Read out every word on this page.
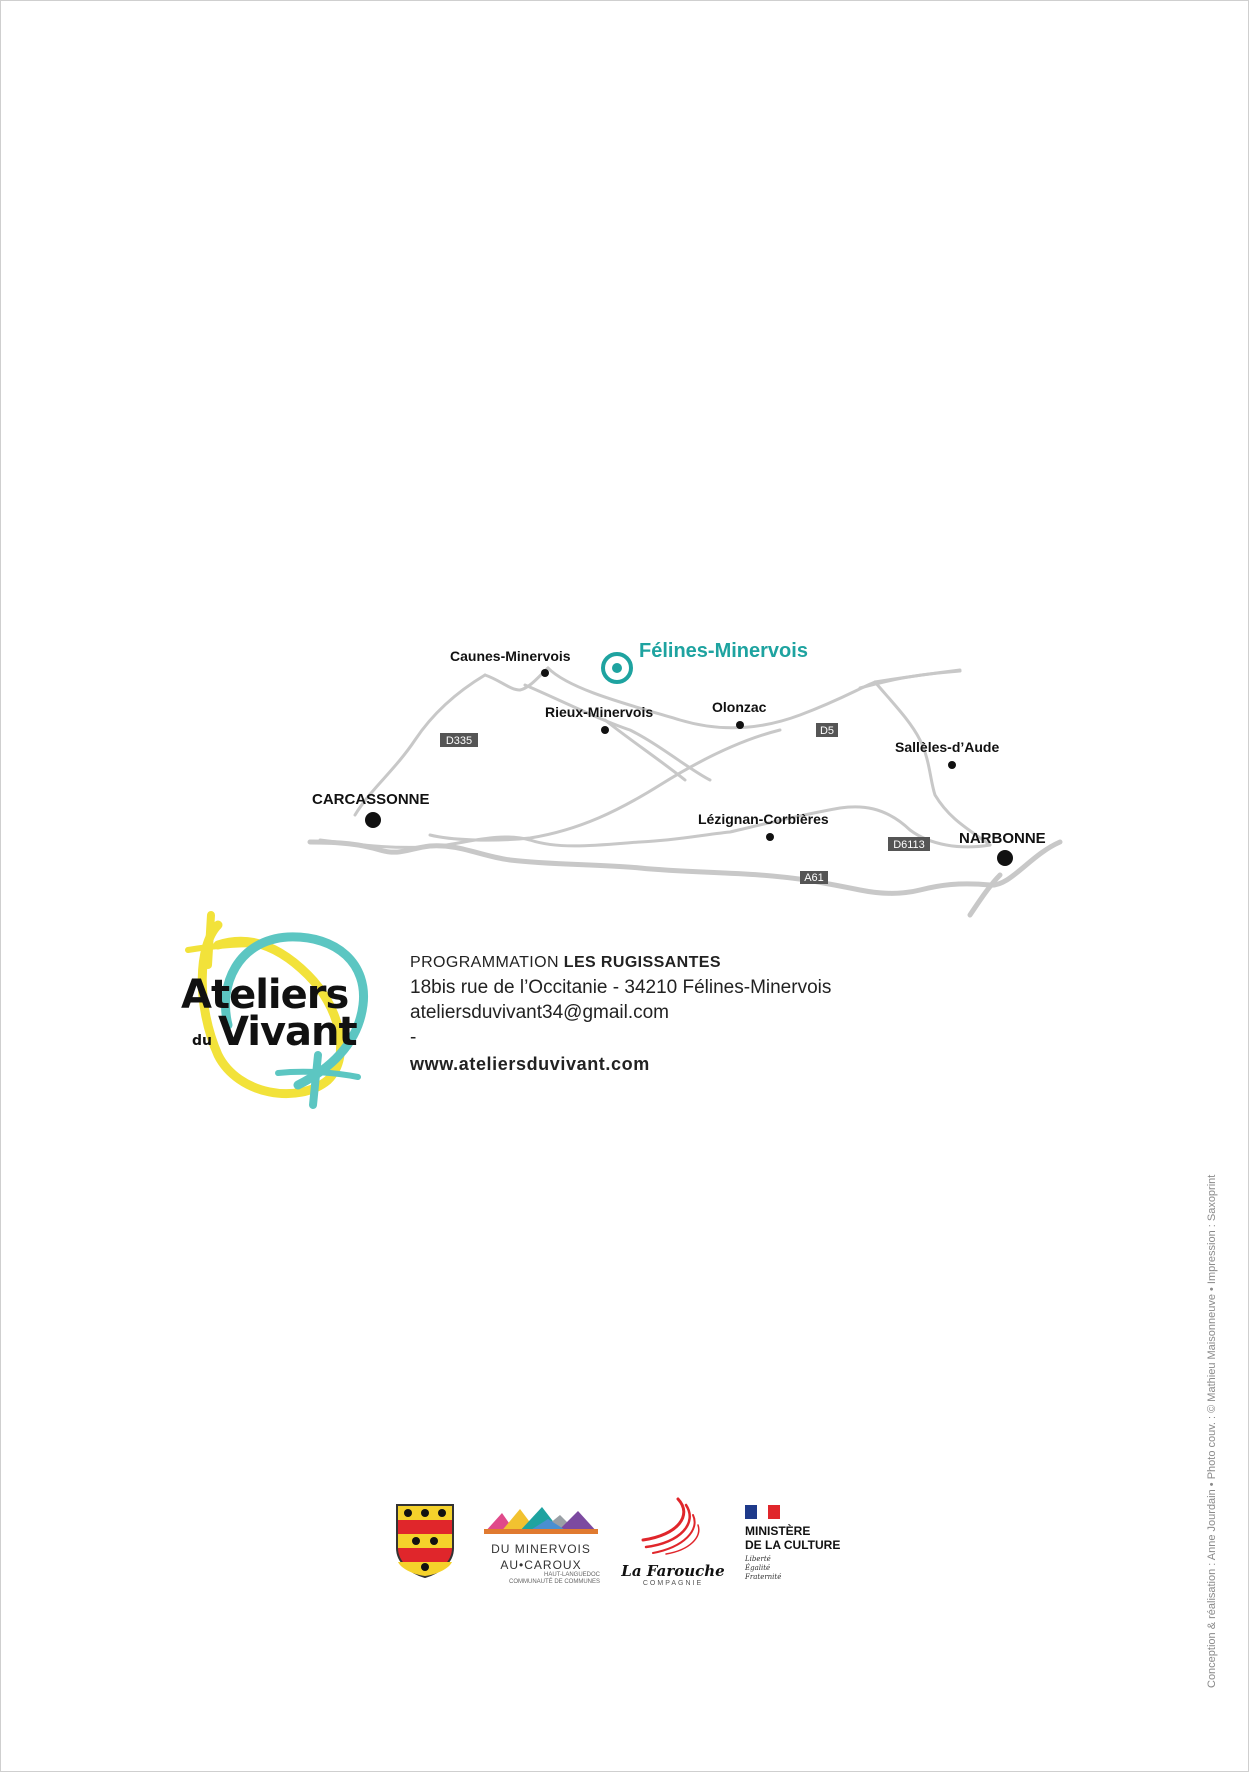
D335
D5
D6113
A61
Félines-Minervois
Caunes-Minervois
Rieux-Minervois	Olonzac
Sallèles-d’Aude
Lézignan-Corbières
CARCASSONNE
NARBONNE
Ateliers
du Vivant
PROGRAMMATION LES RUGISSANTES
18bis rue de l’Occitanie - 34210 Félines-Minervois
ateliersduvivant34@gmail.com
-
www.ateliersduvivant.com
Conception & réalisation : Anne Jourdain • Photo couv. : © Mathieu Maisonneuve • Impression : Saxoprint
DU MINERVOIS
AU•CAROUX
HAUT-LANGUEDOC
COMMUNAUTÉ DE COMMUNES
La Farouche
COMPAGNIE
MINISTÈRE
DE LA CULTURE
Liberté
Égalité
Fraternité
